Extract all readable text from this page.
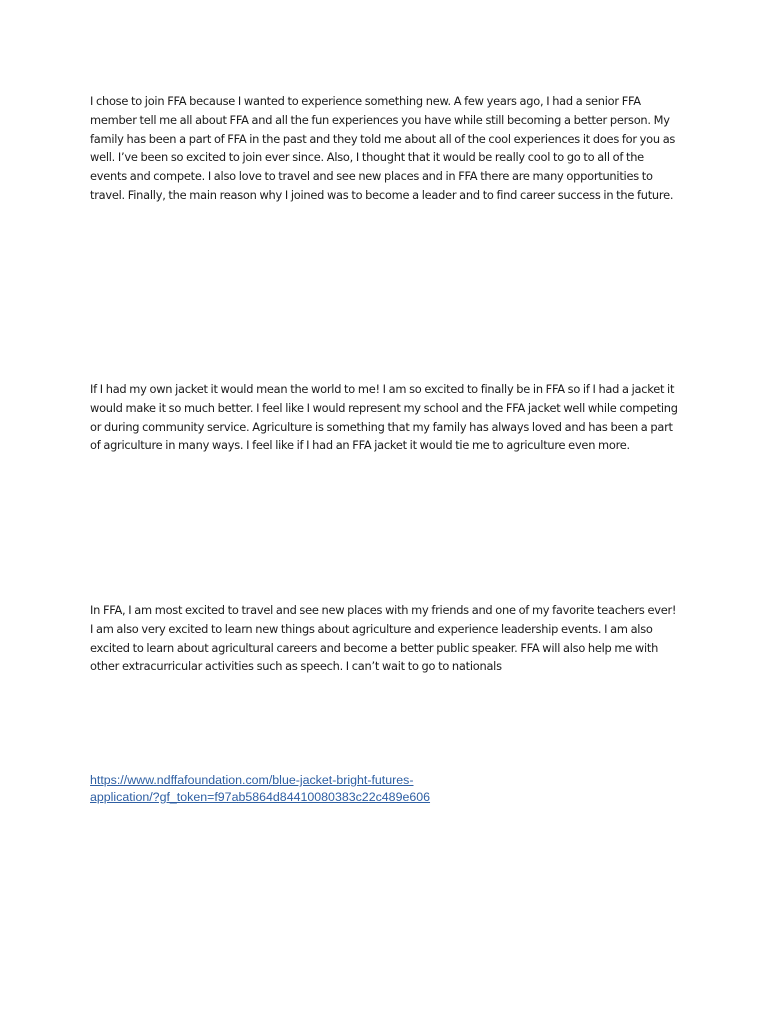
I chose to join FFA because I wanted to experience something new. A few years ago, I had a senior FFA member tell me all about FFA and all the fun experiences you have while still becoming a better person. My family has been a part of FFA in the past and they told me about all of the cool experiences it does for you as well. I’ve been so excited to join ever since. Also, I thought that it would be really cool to go to all of the events and compete. I also love to travel and see new places and in FFA there are many opportunities to travel. Finally, the main reason why I joined was to become a leader and to find career success in the future.

If I had my own jacket it would mean the world to me! I am so excited to finally be in FFA so if I had a jacket it would make it so much better. I feel like I would represent my school and the FFA jacket well while competing or during community service. Agriculture is something that my family has always loved and has been a part of agriculture in many ways. I feel like if I had an FFA jacket it would tie me to agriculture even more.

In FFA, I am most excited to travel and see new places with my friends and one of my favorite teachers ever! I am also very excited to learn new things about agriculture and experience leadership events. I am also excited to learn about agricultural careers and become a better public speaker. FFA will also help me with other extracurricular activities such as speech. I can’t wait to go to nationals

https://www.ndffafoundation.com/blue-jacket-bright-futures-
application/?gf_token=f97ab5864d84410080383c22c489e606
